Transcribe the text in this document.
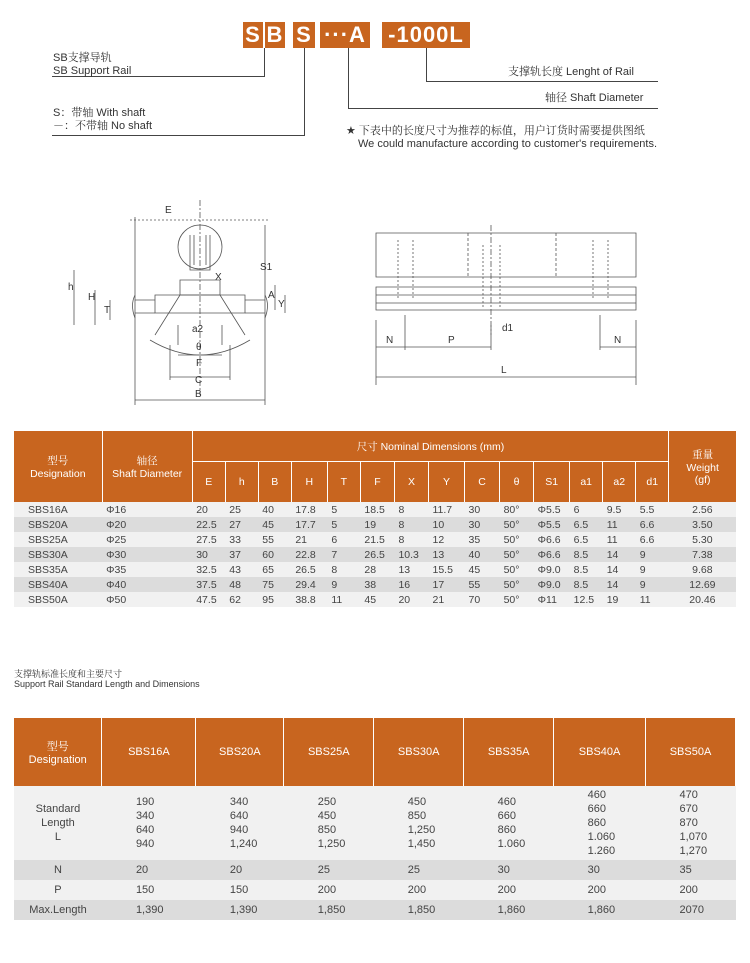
S B S ···A -1000L
SB支撑导轨
SB Support Rail
S：带轴 With shaft
－：不带轴 No shaft
支撑轨长度 Lenght of Rail
轴径 Shaft Diameter
★ 下表中的长度尺寸为推荐的标值，用户订货时需要提供图纸
We could manufacture according to customer's requirements.
E
h
H
T
X
S1
A
Y
a2
θ
F
C
B
d1
N	P	N
L
型号
Designation	轴径
Shaft Diameter	尺寸 Nominal Dimensions (mm)														重量
Weight
(gf)
		E	h	B	H	T	F	X	Y	C	θ	S1	a1	a2	d1	
SBS16A	Φ16	20	25	40	17.8	5	18.5	8	11.7	30	80°	Φ5.5	6	9.5	5.5	2.56
SBS20A	Φ20	22.5	27	45	17.7	5	19	8	10	30	50°	Φ5.5	6.5	11	6.6	3.50
SBS25A	Φ25	27.5	33	55	21	6	21.5	8	12	35	50°	Φ6.6	6.5	11	6.6	5.30
SBS30A	Φ30	30	37	60	22.8	7	26.5	10.3	13	40	50°	Φ6.6	8.5	14	9	7.38
SBS35A	Φ35	32.5	43	65	26.5	8	28	13	15.5	45	50°	Φ9.0	8.5	14	9	9.68
SBS40A	Φ40	37.5	48	75	29.4	9	38	16	17	55	50°	Φ9.0	8.5	14	9	12.69
SBS50A	Φ50	47.5	62	95	38.8	11	45	20	21	70	50°	Φ11	12.5	19	11	20.46
支撑轨标准长度和主要尺寸
Support Rail Standard Length and Dimensions
型号
Designation	SBS16A	SBS20A	SBS25A	SBS30A	SBS35A	SBS40A	SBS50A
Standard
Length
L	190
340
640
940	340
640
940
1,240	250
450
850
1,250	450
850
1,250
1,450	460
660
860
1.060	460
660
860
1.060
1.260	470
670
870
1,070
1,270
N	20	20	25	25	30	30	35
P	150	150	200	200	200	200	200
Max.Length	1,390	1,390	1,850	1,850	1,860	1,860	2070
